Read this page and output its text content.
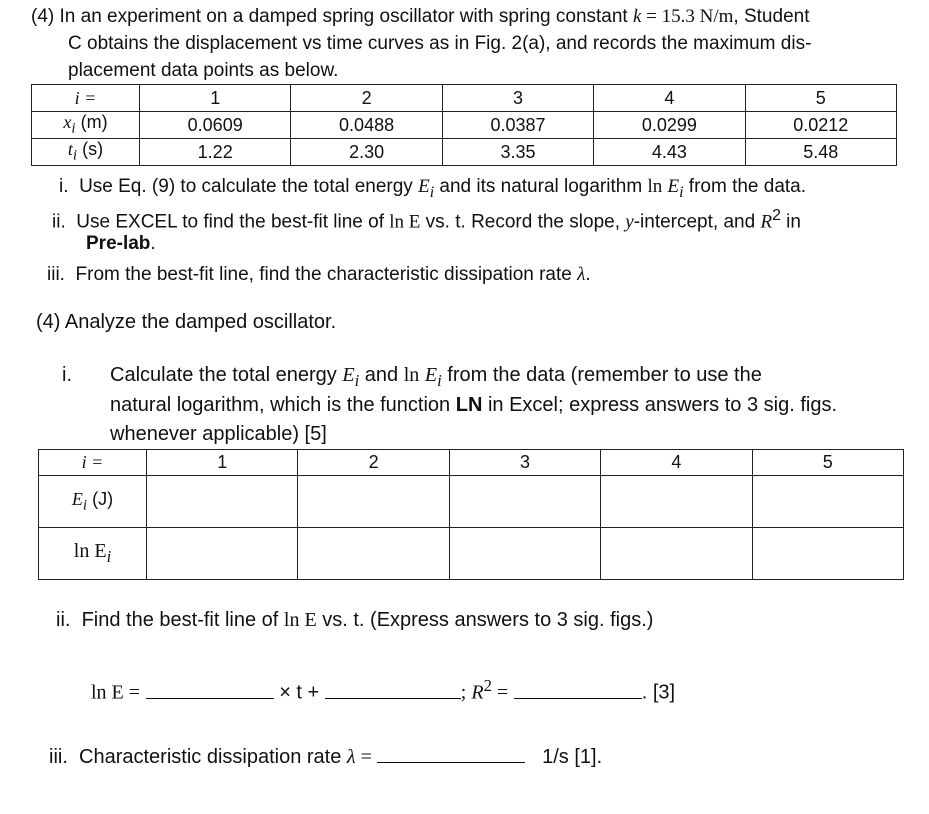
(4) In an experiment on a damped spring oscillator with spring constant k = 15.3 N/m, Student
C obtains the displacement vs time curves as in Fig. 2(a), and records the maximum dis-
placement data points as below.
i =	1	2	3	4	5
$x_i$ (m)	0.0609	0.0488	0.0387	0.0299	0.0212
$t_i$ (s)	1.22	2.30	3.35	4.43	5.48
i. Use Eq. (9) to calculate the total energy $E_i$ and its natural logarithm $\ln E_i$ from the data.
ii. Use EXCEL to find the best-fit line of ln E vs. t. Record the slope, y-intercept, and $R^2$ in
Pre-lab.
iii. From the best-fit line, find the characteristic dissipation rate λ.
(4) Analyze the damped oscillator.
i. Calculate the total energy $E_i$ and $\ln E_i$ from the data (remember to use the
natural logarithm, which is the function LN in Excel; express answers to 3 sig. figs.
whenever applicable) [5]
i =	1	2	3	4	5
$E_i$ (J)					
$\ln E_i$					
ii. Find the best-fit line of ln E vs. t. (Express answers to 3 sig. figs.)
ln E =	× t +	; $R^2$ =	. [3]
iii. Characteristic dissipation rate λ =	1/s [1].
